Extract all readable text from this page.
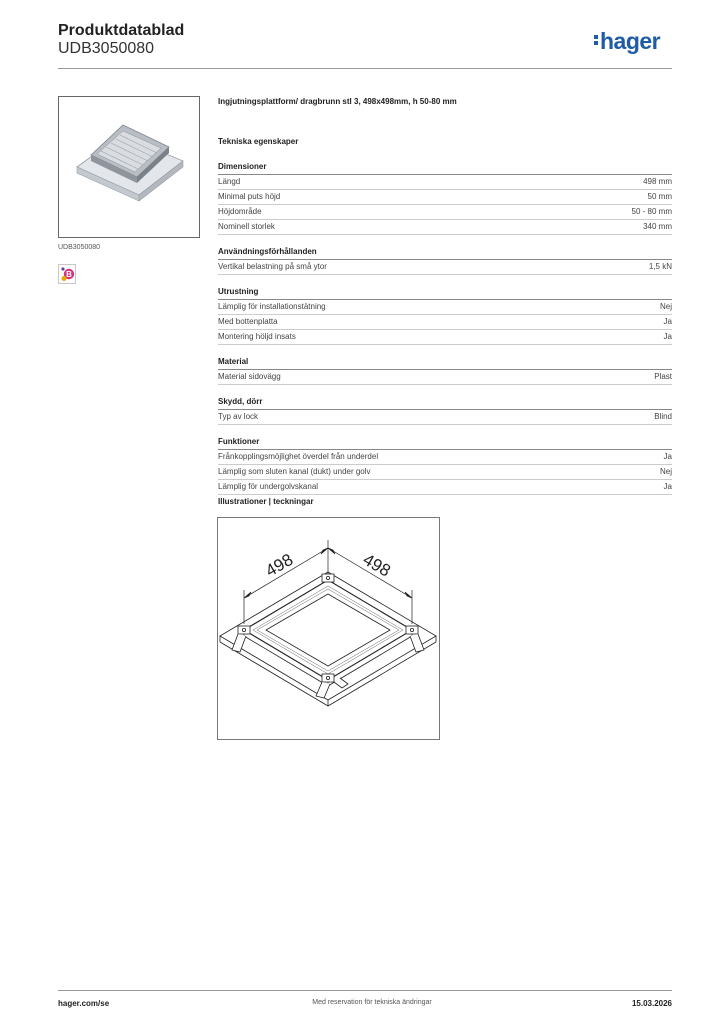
Produktdatablad
UDB3050080	hager
UDB3050080
B
Ingjutningsplattform/ dragbrunn stl 3, 498x498mm, h 50-80 mm
Tekniska egenskaper
Dimensioner
Längd	498 mm
Minimal puts höjd	50 mm
Höjdområde	50 - 80 mm
Nominell storlek	340 mm
Användningsförhållanden
Vertikal belastning på små ytor	1,5 kN
Utrustning
Lämplig för installationstätning	Nej
Med bottenplatta	Ja
Montering höljd insats	Ja
Material
Material sidovägg	Plast
Skydd, dörr
Typ av lock	Blind
Funktioner
Frånkopplingsmöjlighet överdel från underdel	Ja
Lämplig som sluten kanal (dukt) under golv	Nej
Lämplig för undergolvskanal	Ja
Illustrationer | teckningar
498	498
hager.com/se	Med reservation för tekniska ändringar	15.03.2026
